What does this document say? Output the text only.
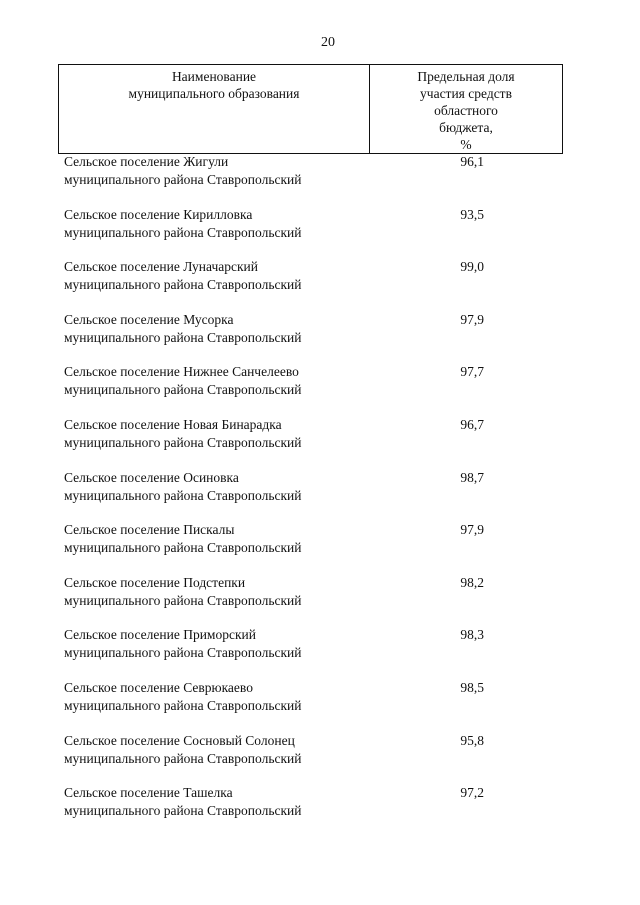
20
Наименование
муниципального образования
Предельная доля
участия средств
областного
бюджета,
%
Сельское поселение Жигули
муниципального района Ставропольский
96,1
Сельское поселение Кирилловка
муниципального района Ставропольский
93,5
Сельское поселение Луначарский
муниципального района Ставропольский
99,0
Сельское поселение Мусорка
муниципального района Ставропольский
97,9
Сельское поселение Нижнее Санчелеево
муниципального района Ставропольский
97,7
Сельское поселение Новая Бинарадка
муниципального района Ставропольский
96,7
Сельское поселение Осиновка
муниципального района Ставропольский
98,7
Сельское поселение Пискалы
муниципального района Ставропольский
97,9
Сельское поселение Подстепки
муниципального района Ставропольский
98,2
Сельское поселение Приморский
муниципального района Ставропольский
98,3
Сельское поселение Севрюкаево
муниципального района Ставропольский
98,5
Сельское поселение Сосновый Солонец
муниципального района Ставропольский
95,8
Сельское поселение Ташелка
муниципального района Ставропольский
97,2
